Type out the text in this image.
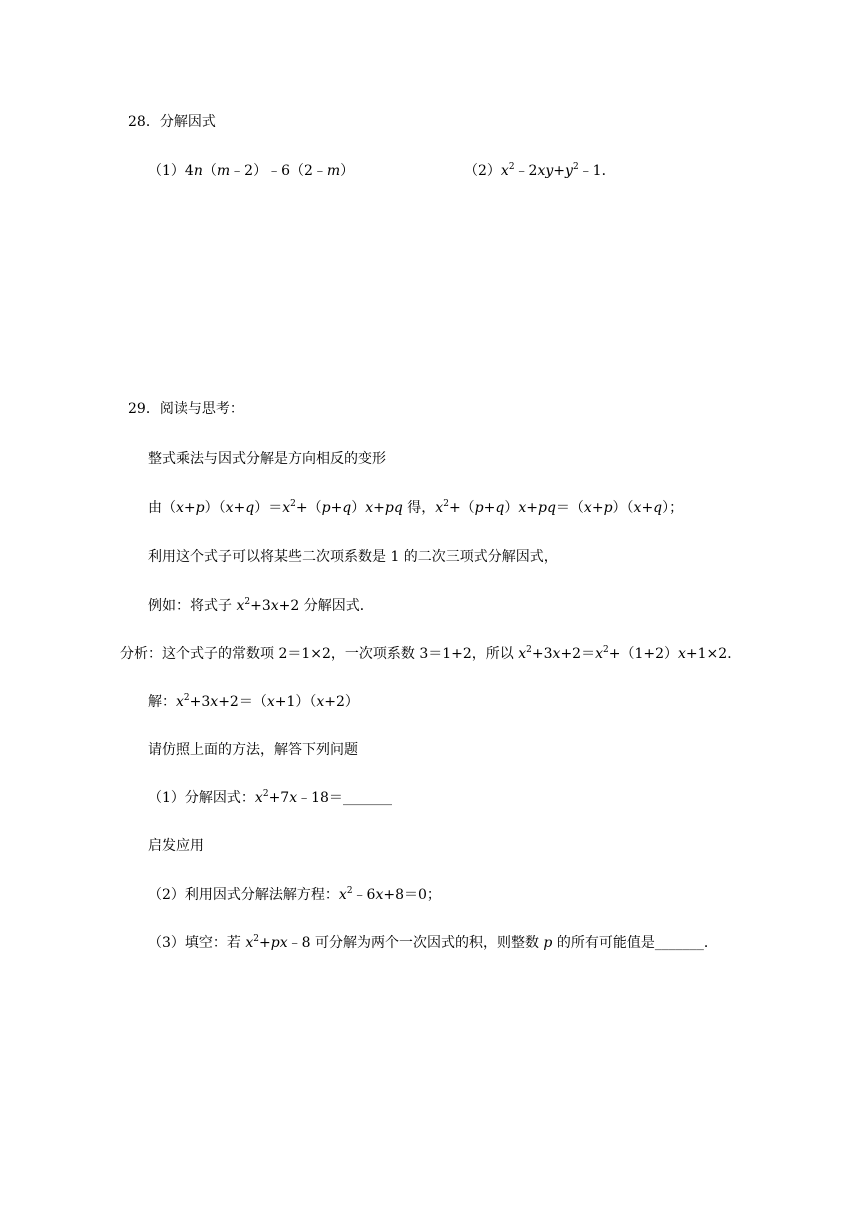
28．分解因式
（1）4n（m﹣2）﹣6（2﹣m）	$(2)x^2﹣2xy+y^2﹣1$．
29．阅读与思考：
整式乘法与因式分解是方向相反的变形
由$(x+p)(x+q)=x^2+(p+q)x+pq$ 得，$x^2+(p+q)x+pq=(x+p)(x+q)$；
利用这个式子可以将某些二次项系数是 1 的二次三项式分解因式，
例如：将式子 $x^2+3x+2$ 分解因式．
分析：这个式子的常数项 2＝1×2，一次项系数 3＝1+2，所以 $x^2+3x+2=x^2+(1+2)x+1\times 2$．
解：$x^2+3x+2=(x+1)(x+2)$
请仿照上面的方法，解答下列问题
（1）分解因式：$x^2+7x﹣18=\_\_\_\_\_\_\_$
启发应用
（2）利用因式分解法解方程：$x^2﹣6x+8=0$；
（3）填空：若 $x^2+px﹣8$ 可分解为两个一次因式的积，则整数 p 的所有可能值是_______．
